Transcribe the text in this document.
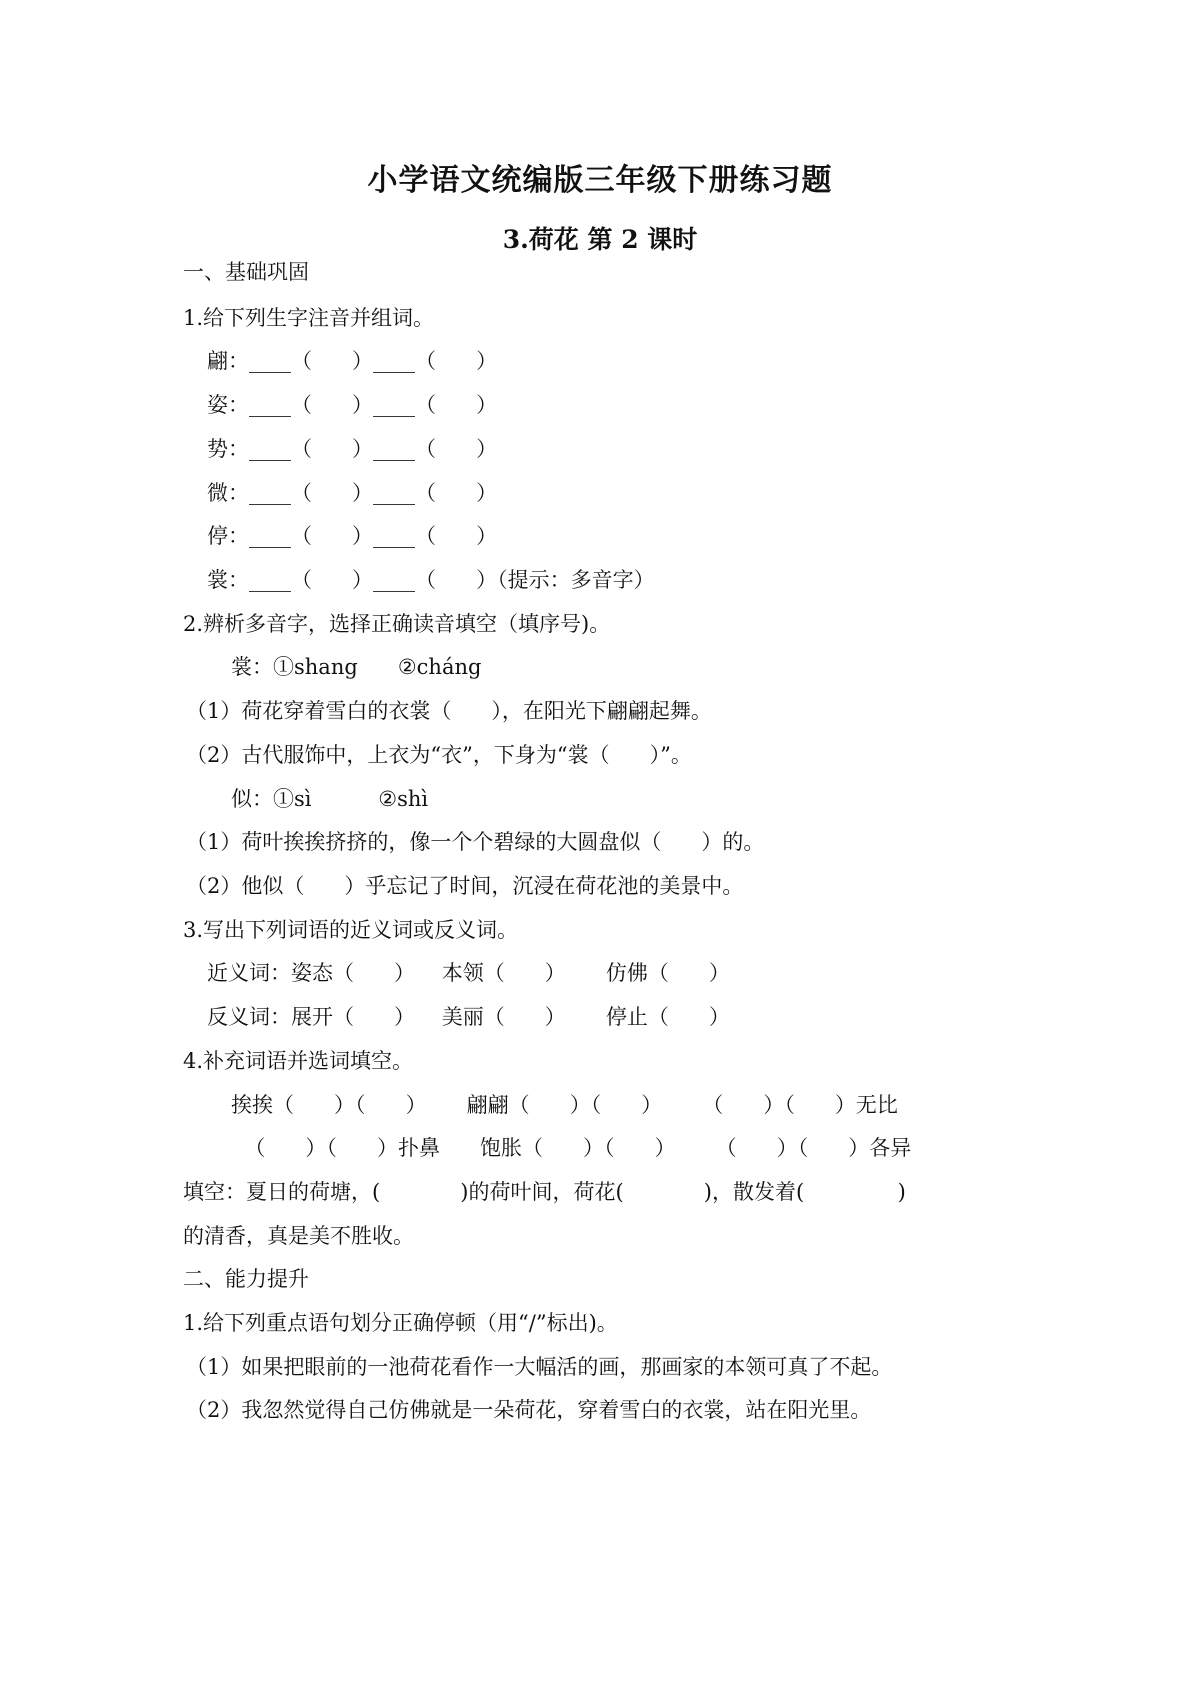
小学语文统编版三年级下册练习题
3.荷花 第 2 课时
一、基础巩固
1.给下列生字注音并组词。
翩：____（      ）____（      ）
姿：____（      ）____（      ）
势：____（      ）____（      ）
微：____（      ）____（      ）
停：____（      ）____（      ）
裳：____（      ）____（      ）（提示：多音字）
2.辨析多音字，选择正确读音填空（填序号)。
裳：①shang      ②cháng
（1）荷花穿着雪白的衣裳（      ），在阳光下翩翩起舞。
（2）古代服饰中，上衣为“衣”，下身为“裳（      ）”。
似：①sì          ②shì
（1）荷叶挨挨挤挤的，像一个个碧绿的大圆盘似（      ）的。
（2）他似（      ）乎忘记了时间，沉浸在荷花池的美景中。
3.写出下列词语的近义词或反义词。
近义词：姿态（      ）    本领（      ）      仿佛（      ）
反义词：展开（      ）    美丽（      ）      停止（      ）
4.补充词语并选词填空。
挨挨（      ）（      ）      翩翩（      ）（      ）      （      ）（      ）无比
（      ）（      ）扑鼻      饱胀（      ）（      ）      （      ）（      ）各异
填空：夏日的荷塘，(            )的荷叶间，荷花(            )，散发着(              )
的清香，真是美不胜收。
二、能力提升
1.给下列重点语句划分正确停顿（用“/”标出)。
（1）如果把眼前的一池荷花看作一大幅活的画，那画家的本领可真了不起。
（2）我忽然觉得自己仿佛就是一朵荷花，穿着雪白的衣裳，站在阳光里。
